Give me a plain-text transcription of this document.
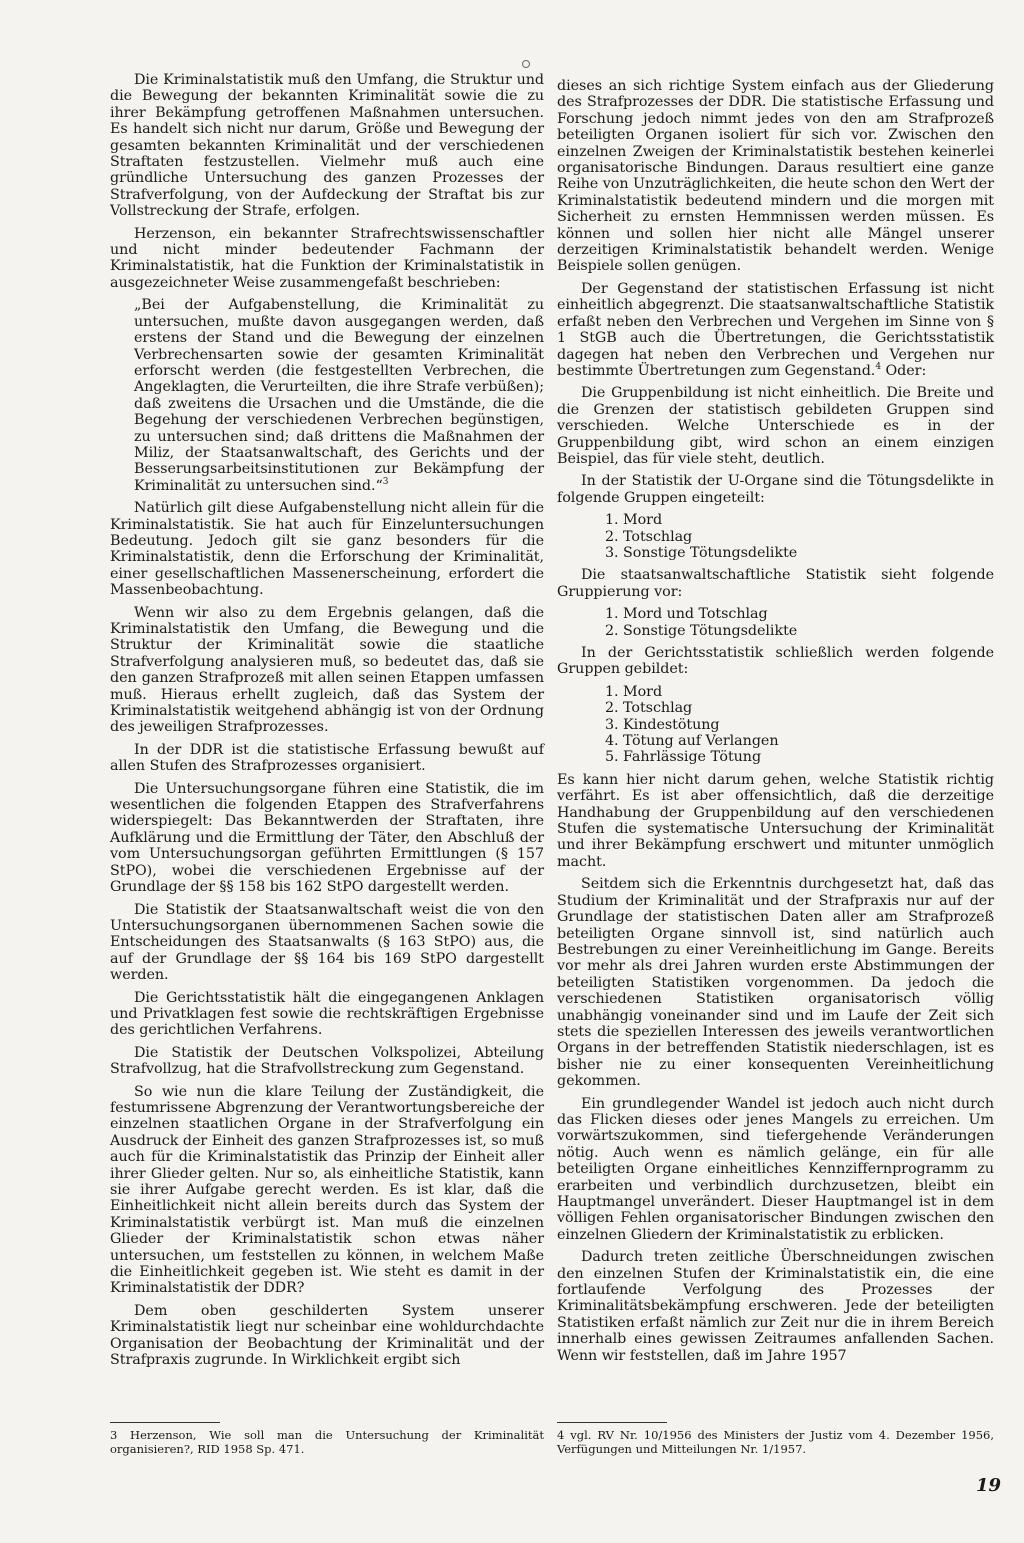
Die Kriminalstatistik muß den Umfang, die Struktur und die Bewegung der bekannten Kriminalität sowie die zu ihrer Bekämpfung getroffenen Maßnahmen untersuchen. Es handelt sich nicht nur darum, Größe und Bewegung der gesamten bekannten Kriminalität und der verschiedenen Straftaten festzustellen. Vielmehr muß auch eine gründliche Untersuchung des ganzen Prozesses der Strafverfolgung, von der Aufdeckung der Straftat bis zur Vollstreckung der Strafe, erfolgen.

Herzenson, ein bekannter Strafrechtswissenschaftler und nicht minder bedeutender Fachmann der Kriminalstatistik, hat die Funktion der Kriminalstatistik in ausgezeichneter Weise zusammengefaßt beschrieben:

„Bei der Aufgabenstellung, die Kriminalität zu untersuchen, mußte davon ausgegangen werden, daß erstens der Stand und die Bewegung der einzelnen Verbrechensarten sowie der gesamten Kriminalität erforscht werden (die festgestellten Verbrechen, die Angeklagten, die Verurteilten, die ihre Strafe verbüßen); daß zweitens die Ursachen und die Umstände, die die Begehung der verschiedenen Verbrechen begünstigen, zu untersuchen sind; daß drittens die Maßnahmen der Miliz, der Staatsanwaltschaft, des Gerichts und der Besserungsarbeitsinstitutionen zur Bekämpfung der Kriminalität zu untersuchen sind.“$^3$

Natürlich gilt diese Aufgabenstellung nicht allein für die Kriminalstatistik. Sie hat auch für Einzeluntersuchungen Bedeutung. Jedoch gilt sie ganz besonders für die Kriminalstatistik, denn die Erforschung der Kriminalität, einer gesellschaftlichen Massenerscheinung, erfordert die Massenbeobachtung.

Wenn wir also zu dem Ergebnis gelangen, daß die Kriminalstatistik den Umfang, die Bewegung und die Struktur der Kriminalität sowie die staatliche Strafverfolgung analysieren muß, so bedeutet das, daß sie den ganzen Strafprozeß mit allen seinen Etappen umfassen muß. Hieraus erhellt zugleich, daß das System der Kriminalstatistik weitgehend abhängig ist von der Ordnung des jeweiligen Strafprozesses.

In der DDR ist die statistische Erfassung bewußt auf allen Stufen des Strafprozesses organisiert.

Die Untersuchungsorgane führen eine Statistik, die im wesentlichen die folgenden Etappen des Strafverfahrens widerspiegelt: Das Bekanntwerden der Straftaten, ihre Aufklärung und die Ermittlung der Täter, den Abschluß der vom Untersuchungsorgan geführten Ermittlungen (§ 157 StPO), wobei die verschiedenen Ergebnisse auf der Grundlage der §§ 158 bis 162 StPO dargestellt werden.

Die Statistik der Staatsanwaltschaft weist die von den Untersuchungsorganen übernommenen Sachen sowie die Entscheidungen des Staatsanwalts (§ 163 StPO) aus, die auf der Grundlage der §§ 164 bis 169 StPO dargestellt werden.

Die Gerichtsstatistik hält die eingegangenen Anklagen und Privatklagen fest sowie die rechtskräftigen Ergebnisse des gerichtlichen Verfahrens.

Die Statistik der Deutschen Volkspolizei, Abteilung Strafvollzug, hat die Strafvollstreckung zum Gegenstand.

So wie nun die klare Teilung der Zuständigkeit, die festumrissene Abgrenzung der Verantwortungsbereiche der einzelnen staatlichen Organe in der Strafverfolgung ein Ausdruck der Einheit des ganzen Strafprozesses ist, so muß auch für die Kriminalstatistik das Prinzip der Einheit aller ihrer Glieder gelten. Nur so, als einheitliche Statistik, kann sie ihrer Aufgabe gerecht werden. Es ist klar, daß die Einheitlichkeit nicht allein bereits durch das System der Kriminalstatistik verbürgt ist. Man muß die einzelnen Glieder der Kriminalstatistik schon etwas näher untersuchen, um feststellen zu können, in welchem Maße die Einheitlichkeit gegeben ist. Wie steht es damit in der Kriminalstatistik der DDR?

Dem oben geschilderten System unserer Kriminalstatistik liegt nur scheinbar eine wohldurchdachte Organisation der Beobachtung der Kriminalität und der Strafpraxis zugrunde. In Wirklichkeit ergibt sich

dieses an sich richtige System einfach aus der Gliederung des Strafprozesses der DDR. Die statistische Erfassung und Forschung jedoch nimmt jedes von den am Strafprozeß beteiligten Organen isoliert für sich vor. Zwischen den einzelnen Zweigen der Kriminalstatistik bestehen keinerlei organisatorische Bindungen. Daraus resultiert eine ganze Reihe von Unzuträglichkeiten, die heute schon den Wert der Kriminalstatistik bedeutend mindern und die morgen mit Sicherheit zu ernsten Hemmnissen werden müssen. Es können und sollen hier nicht alle Mängel unserer derzeitigen Kriminalstatistik behandelt werden. Wenige Beispiele sollen genügen.

Der Gegenstand der statistischen Erfassung ist nicht einheitlich abgegrenzt. Die staatsanwaltschaftliche Statistik erfaßt neben den Verbrechen und Vergehen im Sinne von § 1 StGB auch die Übertretungen, die Gerichtsstatistik dagegen hat neben den Verbrechen und Vergehen nur bestimmte Übertretungen zum Gegenstand.$^4$ Oder:

Die Gruppenbildung ist nicht einheitlich. Die Breite und die Grenzen der statistisch gebildeten Gruppen sind verschieden. Welche Unterschiede es in der Gruppenbildung gibt, wird schon an einem einzigen Beispiel, das für viele steht, deutlich.

In der Statistik der U-Organe sind die Tötungsdelikte in folgende Gruppen eingeteilt:

1. Mord
2. Totschlag
3. Sonstige Tötungsdelikte

Die staatsanwaltschaftliche Statistik sieht folgende Gruppierung vor:

1. Mord und Totschlag
2. Sonstige Tötungsdelikte

In der Gerichtsstatistik schließlich werden folgende Gruppen gebildet:

1. Mord
2. Totschlag
3. Kindestötung
4. Tötung auf Verlangen
5. Fahrlässige Tötung

Es kann hier nicht darum gehen, welche Statistik richtig verfährt. Es ist aber offensichtlich, daß die derzeitige Handhabung der Gruppenbildung auf den verschiedenen Stufen die systematische Untersuchung der Kriminalität und ihrer Bekämpfung erschwert und mitunter unmöglich macht.

Seitdem sich die Erkenntnis durchgesetzt hat, daß das Studium der Kriminalität und der Strafpraxis nur auf der Grundlage der statistischen Daten aller am Strafprozeß beteiligten Organe sinnvoll ist, sind natürlich auch Bestrebungen zu einer Vereinheitlichung im Gange. Bereits vor mehr als drei Jahren wurden erste Abstimmungen der beteiligten Statistiken vorgenommen. Da jedoch die verschiedenen Statistiken organisatorisch völlig unabhängig voneinander sind und im Laufe der Zeit sich stets die speziellen Interessen des jeweils verantwortlichen Organs in der betreffenden Statistik niederschlagen, ist es bisher nie zu einer konsequenten Vereinheitlichung gekommen.

Ein grundlegender Wandel ist jedoch auch nicht durch das Flicken dieses oder jenes Mangels zu erreichen. Um vorwärtszukommen, sind tiefergehende Veränderungen nötig. Auch wenn es nämlich gelänge, ein für alle beteiligten Organe einheitliches Kennziffernprogramm zu erarbeiten und verbindlich durchzusetzen, bleibt ein Hauptmangel unverändert. Dieser Hauptmangel ist in dem völligen Fehlen organisatorischer Bindungen zwischen den einzelnen Gliedern der Kriminalstatistik zu erblicken.

Dadurch treten zeitliche Überschneidungen zwischen den einzelnen Stufen der Kriminalstatistik ein, die eine fortlaufende Verfolgung des Prozesses der Kriminalitätsbekämpfung erschweren. Jede der beteiligten Statistiken erfaßt nämlich zur Zeit nur die in ihrem Bereich innerhalb eines gewissen Zeitraumes anfallenden Sachen. Wenn wir feststellen, daß im Jahre 1957

3 Herzenson, Wie soll man die Untersuchung der Kriminalität organisieren?, RID 1958 Sp. 471.
4 vgl. RV Nr. 10/1956 des Ministers der Justiz vom 4. Dezember 1956, Verfügungen und Mitteilungen Nr. 1/1957.
19
